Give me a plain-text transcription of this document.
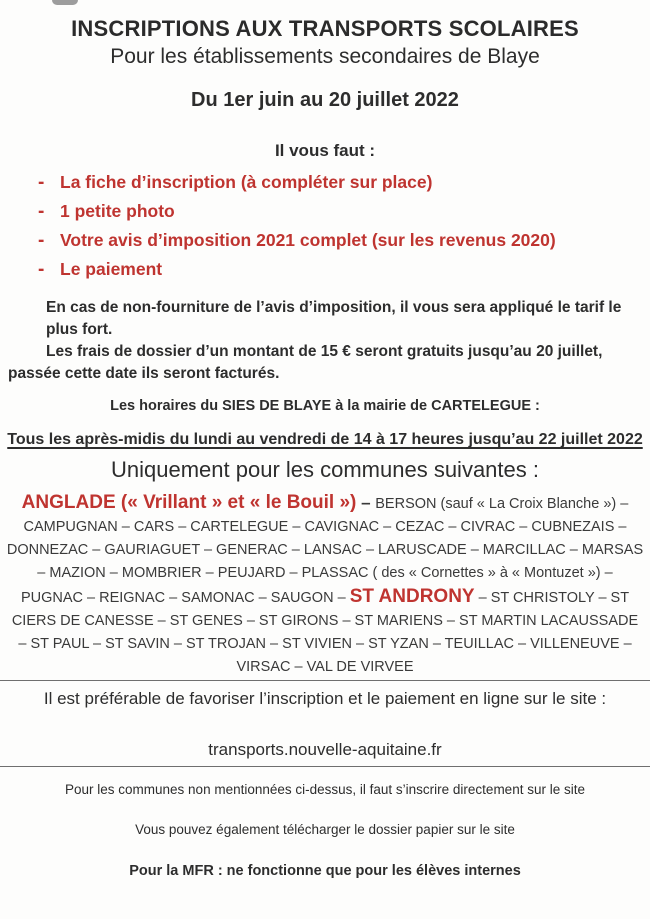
INSCRIPTIONS AUX TRANSPORTS SCOLAIRES
Pour les établissements secondaires de Blaye
Du 1er juin au 20 juillet 2022
Il vous faut :
- La fiche d’inscription (à compléter sur place)
- 1 petite photo
- Votre avis d’imposition 2021 complet (sur les revenus 2020)
- Le paiement

En cas de non-fourniture de l’avis d’imposition, il vous sera appliqué le tarif le plus fort.

Les frais de dossier d’un montant de 15 € seront gratuits jusqu’au 20 juillet, passée cette date ils seront facturés.

Les horaires du SIES DE BLAYE à la mairie de CARTELEGUE :
Tous les après-midis du lundi au vendredi de 14 à 17 heures jusqu’au 22 juillet 2022
Uniquement pour les communes suivantes :
ANGLADE (« Vrillant » et « le Bouil ») – BERSON (sauf « La Croix Blanche ») – CAMPUGNAN – CARS – CARTELEGUE – CAVIGNAC – CEZAC – CIVRAC – CUBNEZAIS – DONNEZAC – GAURIAGUET – GENERAC – LANSAC – LARUSCADE – MARCILLAC – MARSAS – MAZION – MOMBRIER – PEUJARD – PLASSAC ( des « Cornettes » à « Montuzet ») – PUGNAC – REIGNAC – SAMONAC – SAUGON – ST ANDRONY – ST CHRISTOLY – ST CIERS DE CANESSE – ST GENES – ST GIRONS – ST MARIENS – ST MARTIN LACAUSSADE – ST PAUL – ST SAVIN – ST TROJAN – ST VIVIEN – ST YZAN – TEUILLAC – VILLENEUVE – VIRSAC – VAL DE VIRVEE
Il est préférable de favoriser l’inscription et le paiement en ligne sur le site :
transports.nouvelle-aquitaine.fr
Pour les communes non mentionnées ci-dessus, il faut s’inscrire directement sur le site
Vous pouvez également télécharger le dossier papier sur le site
Pour la MFR : ne fonctionne que pour les élèves internes
